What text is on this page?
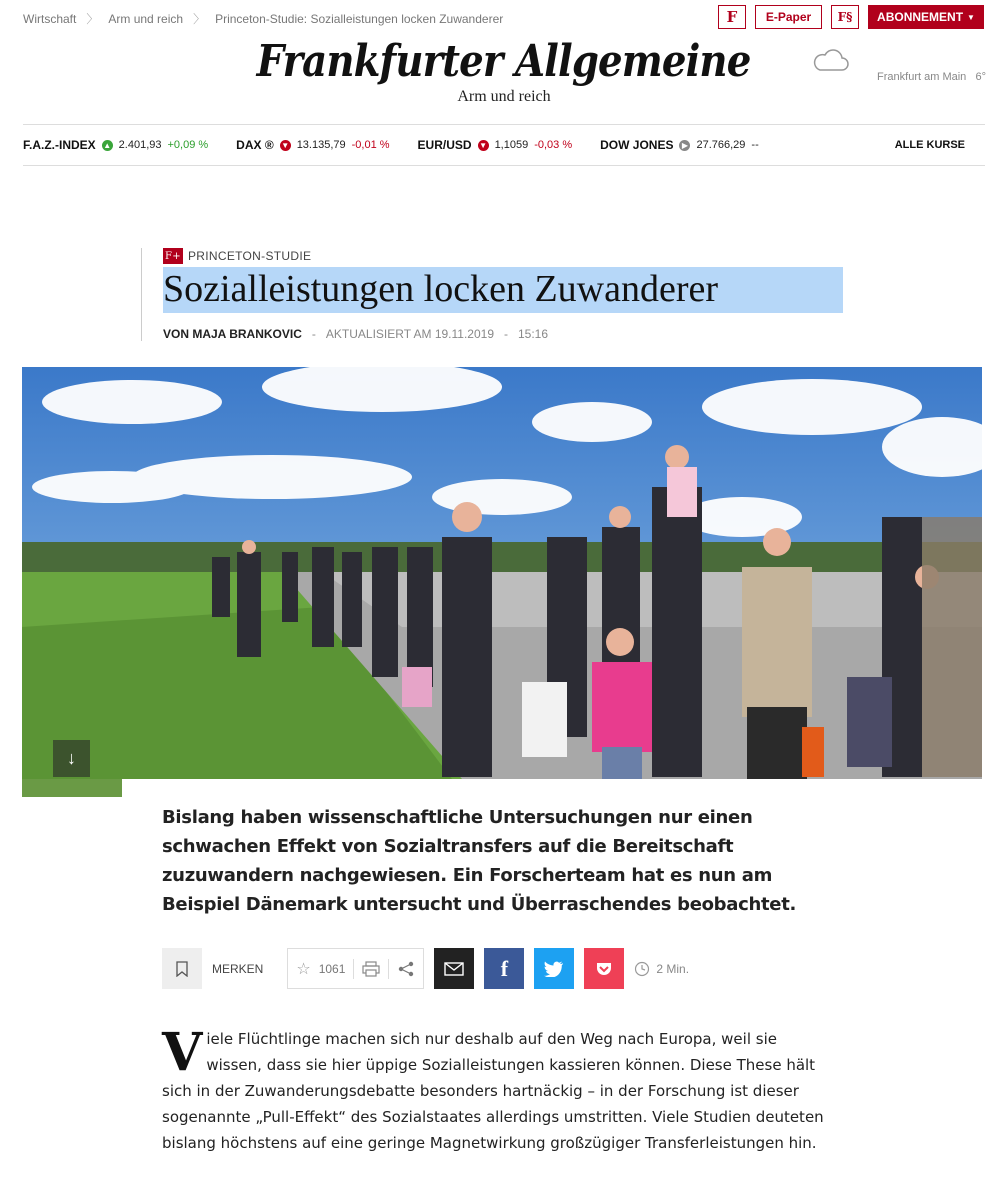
Wirtschaft 〉 Arm und reich 〉 Princeton-Studie: Sozialleistungen locken Zuwanderer	F	E-Paper	F§	ABONNEMENT ▼
Frankfurter Allgemeine
Arm und reich
Frankfurt am Main 6°
F.A.Z.-INDEX ▲ 2.401,93 +0,09 % DAX ® ▼ 13.135,79 -0,01 % EUR/USD ▼ 1,1059 -0,03 % DOW JONES	▶ 27.766,29 --	ALLE KURSE
F+ PRINCETON-STUDIE
Sozialleistungen locken Zuwanderer
VON MAJA BRANKOVIC - AKTUALISIERT AM 19.11.2019 - 15:16
↓

Bislang haben wissenschaftliche Untersuchungen nur einen schwachen Effekt von Sozialtransfers auf die Bereitschaft zuzuwandern nachgewiesen. Ein Forscherteam hat es nun am Beispiel Dänemark untersucht und Überraschendes beobachtet.

MERKEN ☆ 1061	f	2 Min.
V iele Flüchtlinge machen sich nur deshalb auf den Weg nach Europa, weil sie wissen, dass sie hier üppige Sozialleistungen kassieren können. Diese These hält sich in der Zuwanderungsdebatte besonders hartnäckig – in der Forschung ist dieser sogenannte „Pull-Effekt“ des Sozialstaates allerdings umstritten. Viele Studien deuteten bislang höchstens auf eine geringe Magnetwirkung großzügiger Transferleistungen hin.
